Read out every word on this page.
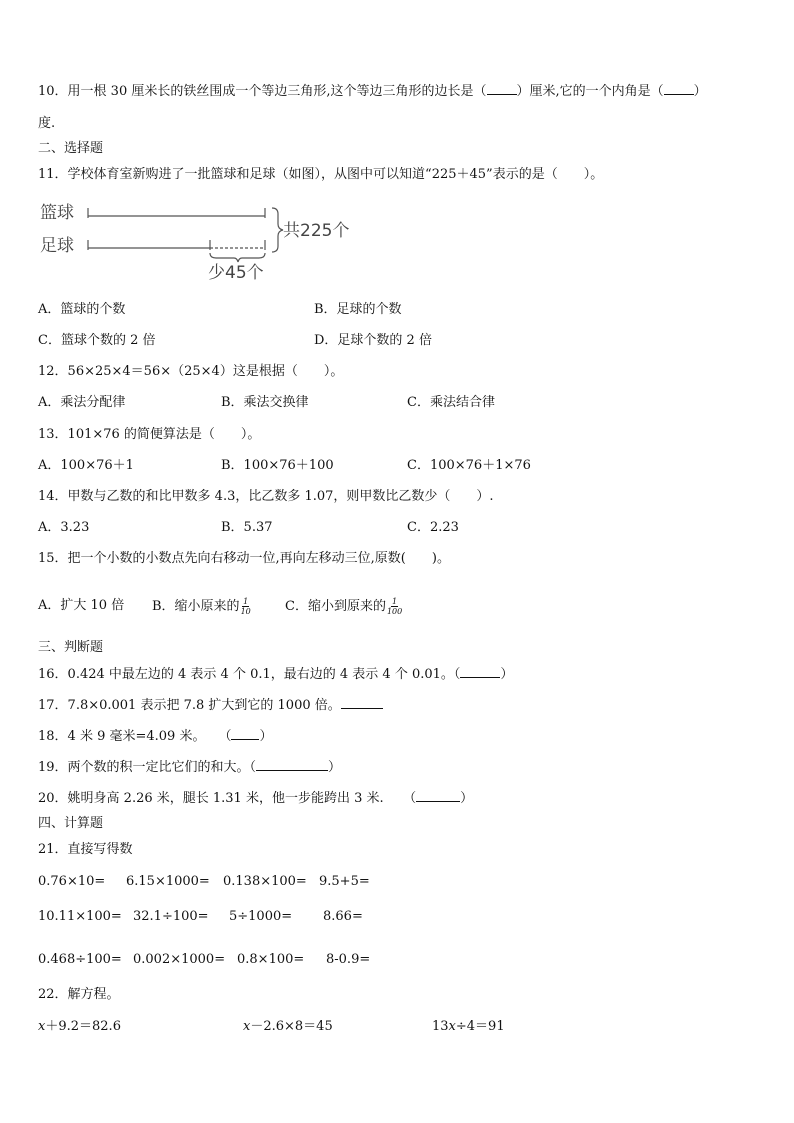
10．用一根 30 厘米长的铁丝围成一个等边三角形,这个等边三角形的边长是（ ）厘米,它的一个内角是（ ）
度.
二、选择题
11．学校体育室新购进了一批篮球和足球（如图），从图中可以知道“225＋45”表示的是（　　）。
篮球
足球
少45个
共225个
A．篮球的个数	B．足球的个数
C．篮球个数的 2 倍	D．足球个数的 2 倍
12．56×25×4＝56×（25×4）这是根据（　　）。
A．乘法分配律	B．乘法交换律	C．乘法结合律
13．101×76 的简便算法是（　　）。
A．100×76＋1	B．100×76＋100	C．100×76＋1×76
14．甲数与乙数的和比甲数多 4.3，比乙数多 1.07，则甲数比乙数少（　　）.
A．3.23	B．5.37	C．2.23
15．把一个小数的小数点先向右移动一位,再向左移动三位,原数(　　)。
A．扩大 10 倍 B．缩小原来的 $\frac{1}{10}$	C．缩小到原来的 $\frac{1}{100}$
三、判断题
16．0.424 中最左边的 4 表示 4 个 0.1，最右边的 4 表示 4 个 0.01。（	）
17．7.8×0.001 表示把 7.8 扩大到它的 1000 倍。
18．4 米 9 毫米=4.09 米。　　（ ）
19．两个数的积一定比它们的和大。（	）
20．姚明身高 2.26 米，腿长 1.31 米，他一步能跨出 3 米.　　（	）
四、计算题
21．直接写得数
0.76×10= 6.15×1000= 0.138×100= 9.5+5=
10.11×100= 32.1÷100= 5÷1000= 8.66=
0.468÷100= 0.002×1000= 0.8×100= 8-0.9=
22．解方程。
x＋9.2＝82.6	x－2.6×8＝45	13x÷4＝91
